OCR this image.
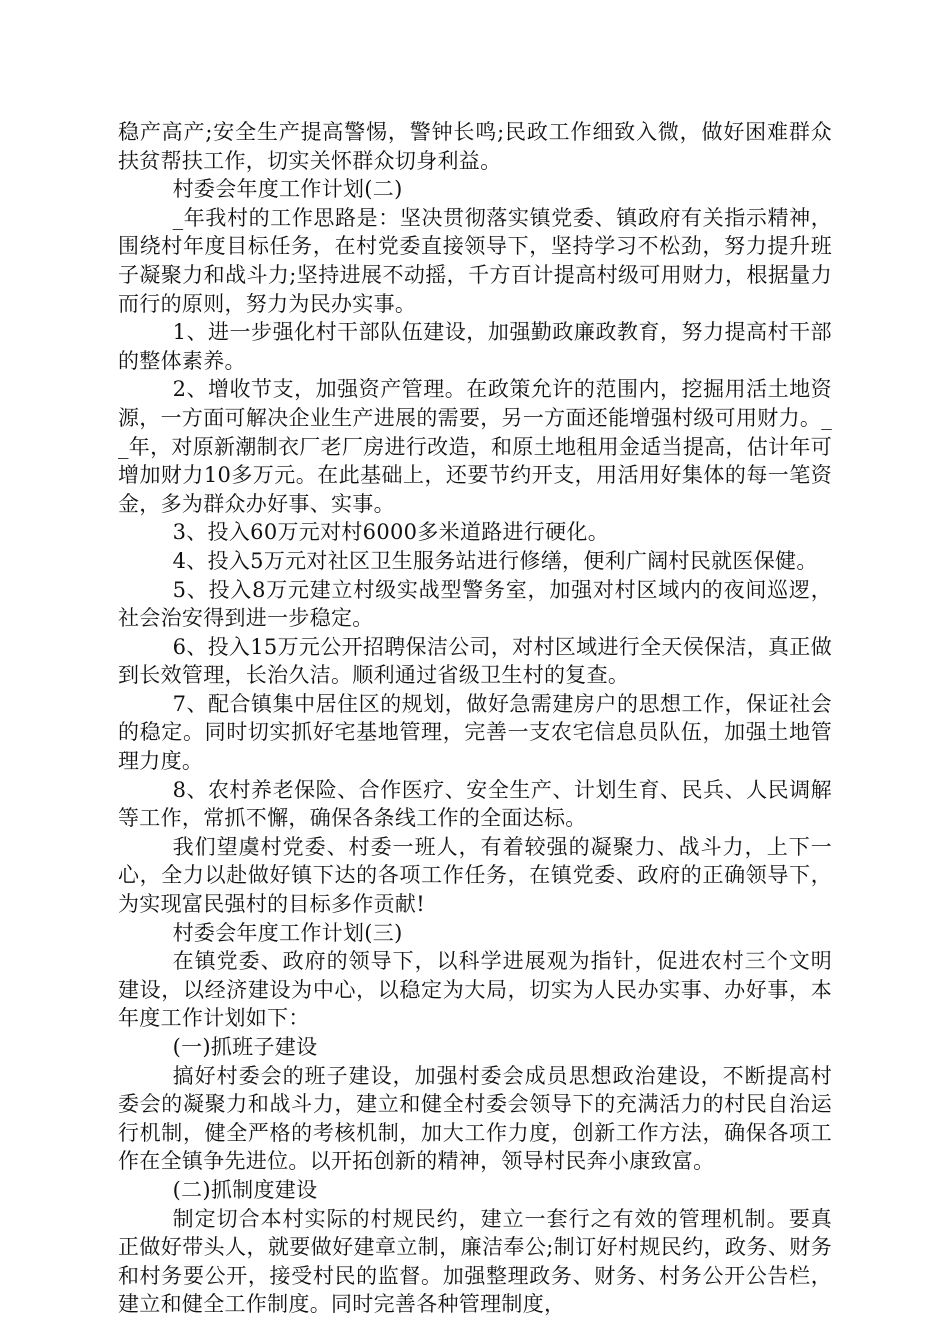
稳产高产;安全生产提高警惕，警钟长鸣;民政工作细致入微，做好困难群众扶贫帮扶工作，切实关怀群众切身利益。

村委会年度工作计划(二)

_年我村的工作思路是：坚决贯彻落实镇党委、镇政府有关指示精神，围绕村年度目标任务，在村党委直接领导下，坚持学习不松劲，努力提升班子凝聚力和战斗力;坚持进展不动摇，千方百计提高村级可用财力，根据量力而行的原则，努力为民办实事。

1、进一步强化村干部队伍建设，加强勤政廉政教育，努力提高村干部的整体素养。

2、增收节支，加强资产管理。在政策允许的范围内，挖掘用活土地资源，一方面可解决企业生产进展的需要，另一方面还能增强村级可用财力。__年，对原新潮制衣厂老厂房进行改造，和原土地租用金适当提高，估计年可增加财力10多万元。在此基础上，还要节约开支，用活用好集体的每一笔资金，多为群众办好事、实事。

3、投入60万元对村6000多米道路进行硬化。

4、投入5万元对社区卫生服务站进行修缮，便利广阔村民就医保健。

5、投入8万元建立村级实战型警务室，加强对村区域内的夜间巡逻，社会治安得到进一步稳定。

6、投入15万元公开招聘保洁公司，对村区域进行全天侯保洁，真正做到长效管理，长治久洁。顺利通过省级卫生村的复查。

7、配合镇集中居住区的规划，做好急需建房户的思想工作，保证社会的稳定。同时切实抓好宅基地管理，完善一支农宅信息员队伍，加强土地管理力度。

8、农村养老保险、合作医疗、安全生产、计划生育、民兵、人民调解等工作，常抓不懈，确保各条线工作的全面达标。

我们望虞村党委、村委一班人，有着较强的凝聚力、战斗力，上下一心，全力以赴做好镇下达的各项工作任务，在镇党委、政府的正确领导下，为实现富民强村的目标多作贡献!

村委会年度工作计划(三)

在镇党委、政府的领导下，以科学进展观为指针，促进农村三个文明建设，以经济建设为中心，以稳定为大局，切实为人民办实事、办好事，本年度工作计划如下：

(一)抓班子建设

搞好村委会的班子建设，加强村委会成员思想政治建设，不断提高村委会的凝聚力和战斗力，建立和健全村委会领导下的充满活力的村民自治运行机制，健全严格的考核机制，加大工作力度，创新工作方法，确保各项工作在全镇争先进位。以开拓创新的精神，领导村民奔小康致富。

(二)抓制度建设

制定切合本村实际的村规民约，建立一套行之有效的管理机制。要真正做好带头人，就要做好建章立制，廉洁奉公;制订好村规民约，政务、财务和村务要公开，接受村民的监督。加强整理政务、财务、村务公开公告栏，建立和健全工作制度。同时完善各种管理制度，
